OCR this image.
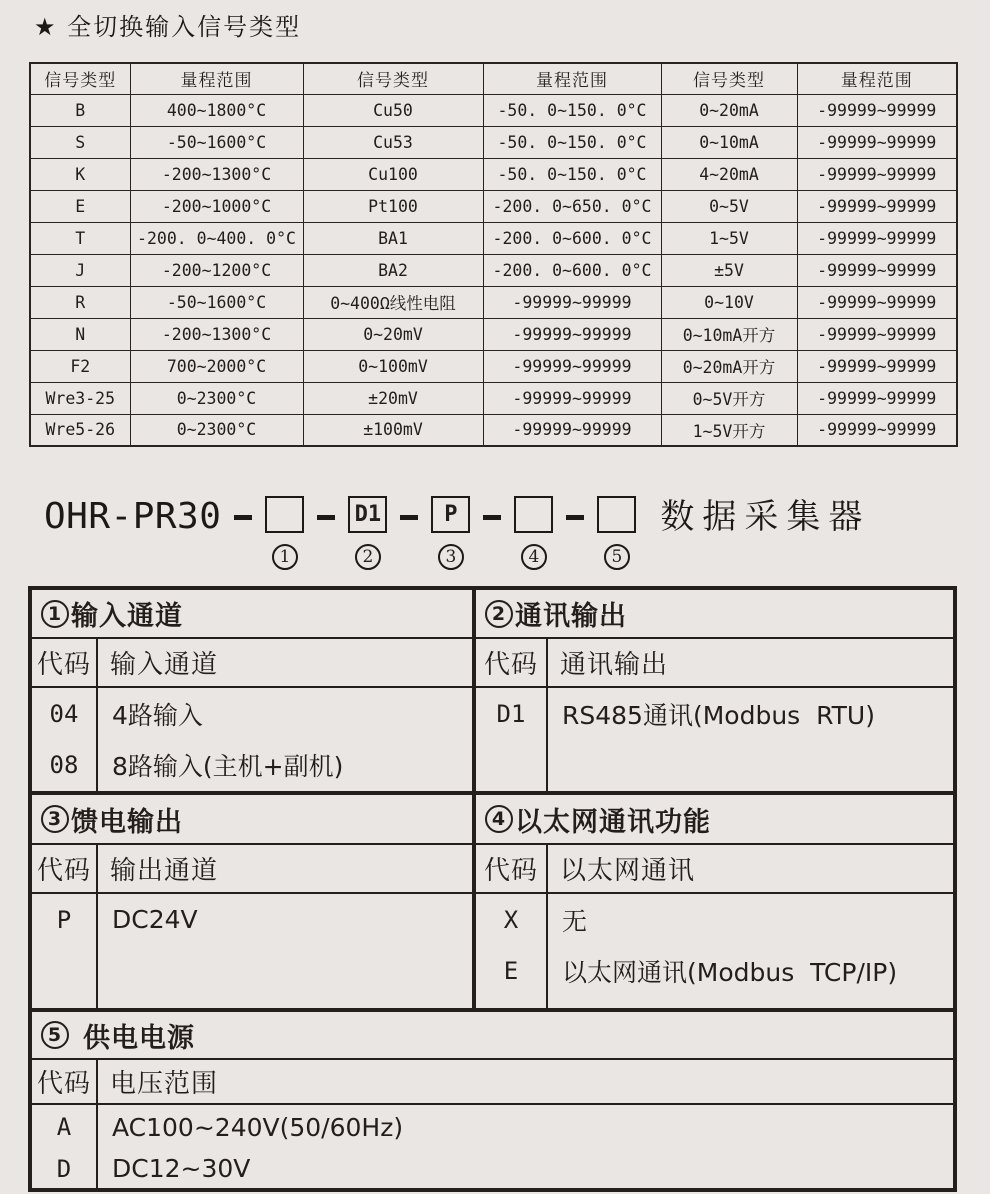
★ 全切换输入信号类型
信号类型	量程范围	信号类型	量程范围	信号类型	量程范围
B	400~1800°C	Cu50	-50. 0~150. 0°C	0~20mA	-99999~99999
S	-50~1600°C	Cu53	-50. 0~150. 0°C	0~10mA	-99999~99999
K	-200~1300°C	Cu100	-50. 0~150. 0°C	4~20mA	-99999~99999
E	-200~1000°C	Pt100	-200. 0~650. 0°C	0~5V	-99999~99999
T	-200. 0~400. 0°C	BA1	-200. 0~600. 0°C	1~5V	-99999~99999
J	-200~1200°C	BA2	-200. 0~600. 0°C	±5V	-99999~99999
R	-50~1600°C	0~400Ω线性电阻	-99999~99999	0~10V	-99999~99999
N	-200~1300°C	0~20mV	-99999~99999	0~10mA开方	-99999~99999
F2	700~2000°C	0~100mV	-99999~99999	0~20mA开方	-99999~99999
Wre3-25	0~2300°C	±20mV	-99999~99999	0~5V开方	-99999~99999
Wre5-26	0~2300°C	±100mV	-99999~99999	1~5V开方	-99999~99999
OHR-PR30
1
D1
2
P
3	4	5
数据采集器
1 输入通道
代码 输入通道
04	4路输入
08	8路输入(主机+副机)
2 通讯输出
代码 通讯输出
D1	RS485通讯(Modbus  RTU)
3 馈电输出
代码 输出通道
P	DC24V
4 以太网通讯功能
代码 以太网通讯
X	无
E	以太网通讯(Modbus  TCP/IP)
5 供电电源
代码 电压范围
A	AC100~240V(50/60Hz)
D	DC12~30V
